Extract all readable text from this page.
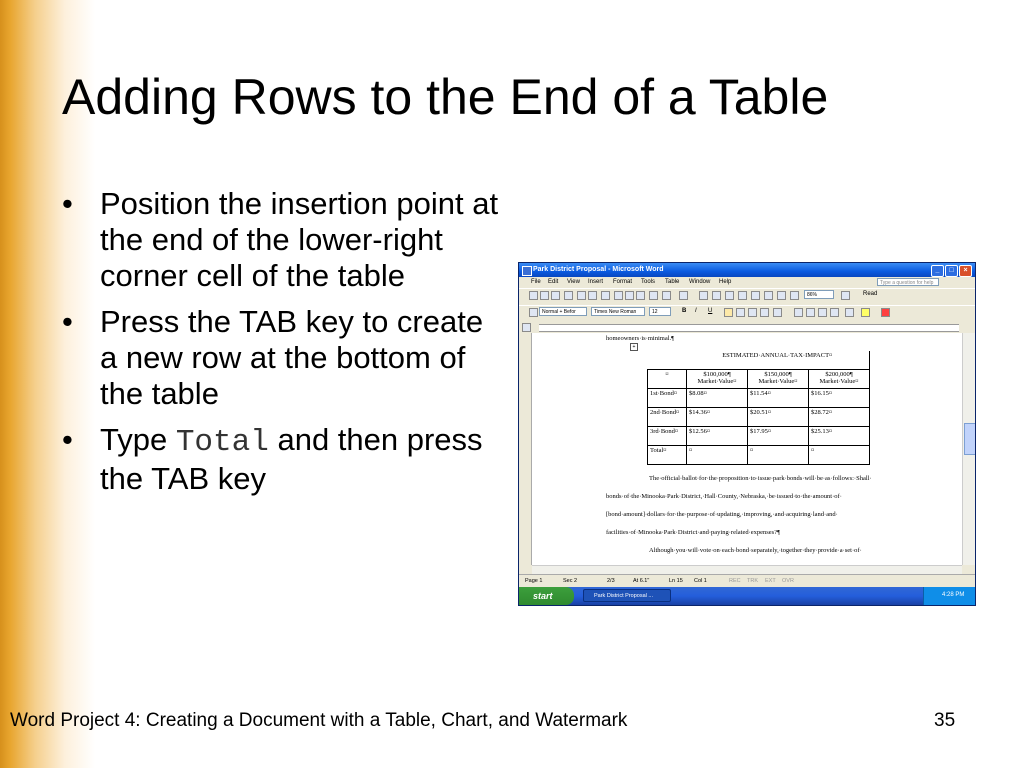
Adding Rows to the End of a Table
• Position the insertion point at the end of the lower-right corner cell of the table
• Press the TAB key to create a new row at the bottom of the table
• Type Total and then press the TAB key
Park District Proposal - Microsoft Word	_	□	×
File Edit View Insert Format Tools Table Window Help	Type a question for help
86%	Read
Normal + Befor	Times New Roman	12	B I U
homeowners·is·minimal.¶
+
ESTIMATED·ANNUAL·TAX·IMPACT¤			
¤	$100,000¶ Market·Value¤	$150,000¶ Market·Value¤	$200,000¶ Market·Value¤
1st·Bond¤	$8.08¤	$11.54¤	$16.15¤
2nd·Bond¤	$14.36¤	$20.51¤	$28.72¤
3rd·Bond¤	$12.56¤	$17.95¤	$25.13¤
Total¤	¤	¤	¤
The·official·ballot·for·the·proposition·to·issue·park·bonds·will·be·as·follows:·Shall·
bonds·of·the·Minooka·Park·District,·Hall·County,·Nebraska,·be·issued·to·the·amount·of·
[bond·amount]·dollars·for·the·purpose·of·updating,·improving,·and·acquiring·land·and·
facilities·of·Minooka·Park·District·and·paying·related·expenses?¶
Although·you·will·vote·on·each·bond·separately,·together·they·provide·a·set·of·
Page 1	Sec 2	2/3	At 6.1"	Ln 15 Col 1	REC TRK EXT OVR
start	Park District Proposal ...	4:28 PM
Word Project 4: Creating a Document with a Table, Chart, and Watermark	35
